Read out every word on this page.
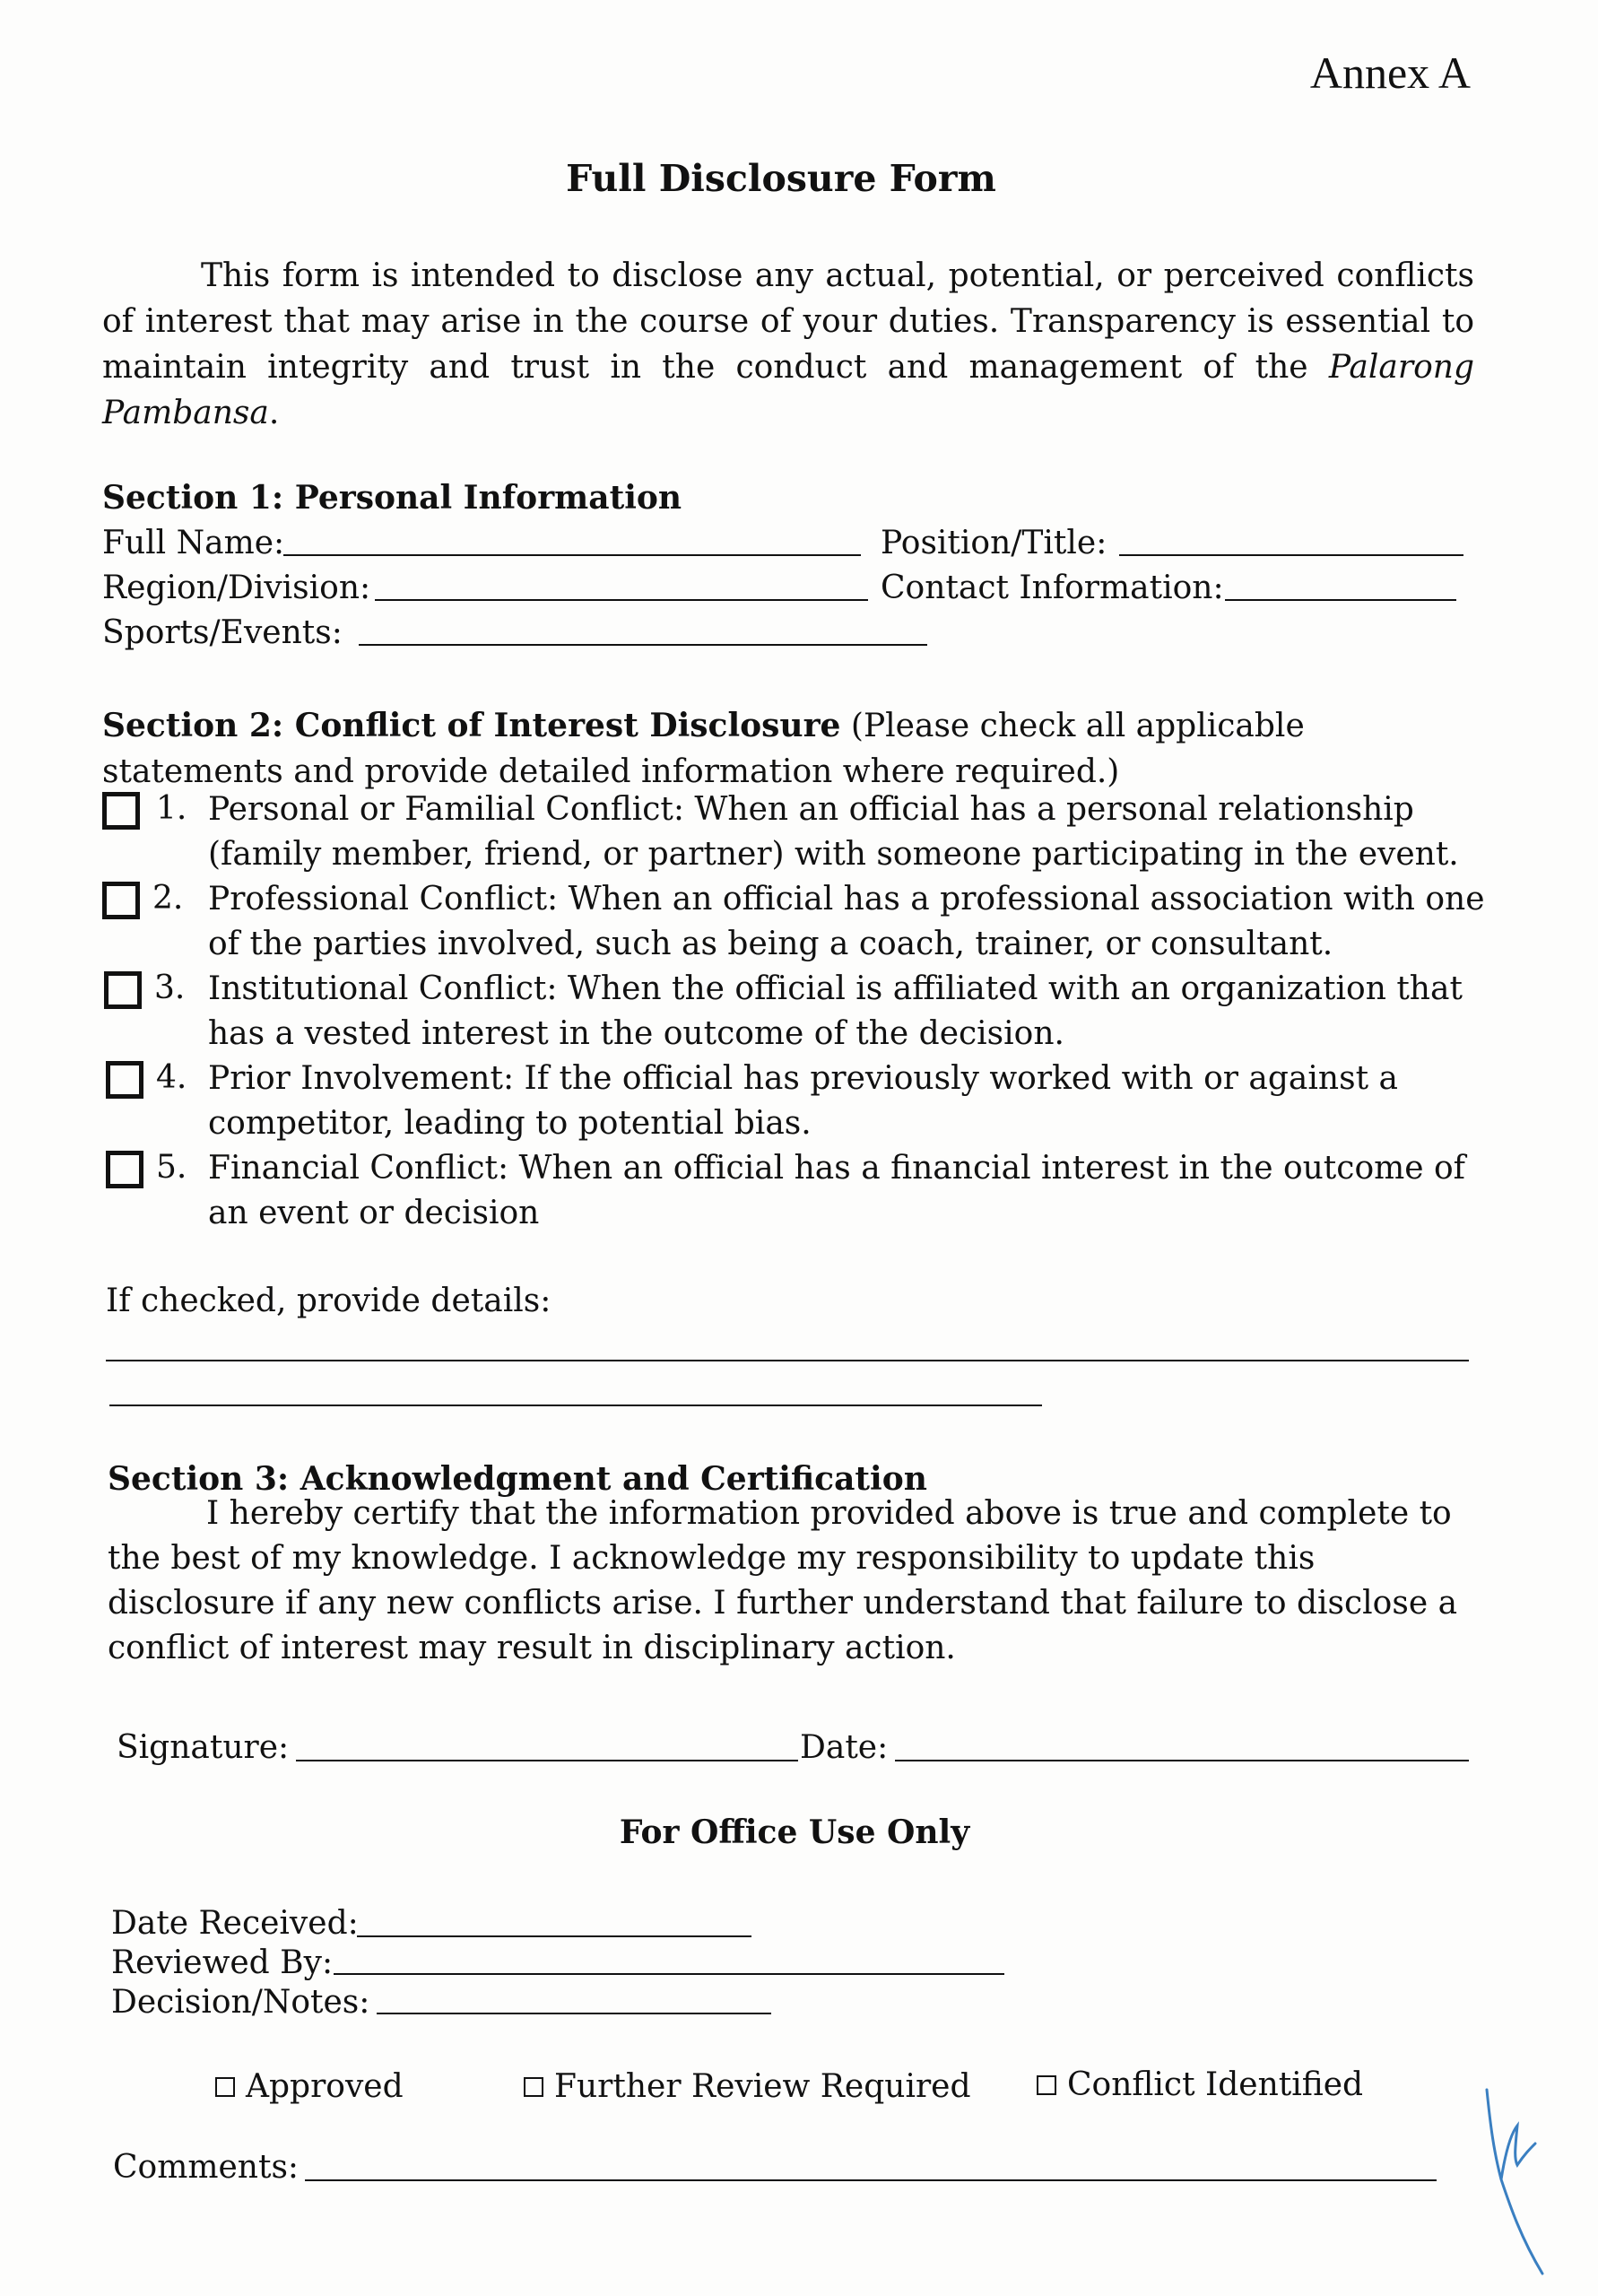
Annex A
Full Disclosure Form
This form is intended to disclose any actual, potential, or perceived conflicts of interest that may arise in the course of your duties. Transparency is essential to maintain integrity and trust in the conduct and management of the Palarong Pambansa.
Section 1: Personal Information
Full Name:	Position/Title:
Region/Division:	Contact Information:
Sports/Events:
Section 2: Conflict of Interest Disclosure (Please check all applicable statements and provide detailed information where required.)
1. Personal or Familial Conflict: When an official has a personal relationship (family member, friend, or partner) with someone participating in the event.
2. Professional Conflict: When an official has a professional association with one of the parties involved, such as being a coach, trainer, or consultant.
3. Institutional Conflict: When the official is affiliated with an organization that has a vested interest in the outcome of the decision.
4. Prior Involvement: If the official has previously worked with or against a competitor, leading to potential bias.
5. Financial Conflict: When an official has a financial interest in the outcome of an event or decision
If checked, provide details:
Section 3: Acknowledgment and Certification
I hereby certify that the information provided above is true and complete to the best of my knowledge. I acknowledge my responsibility to update this disclosure if any new conflicts arise. I further understand that failure to disclose a conflict of interest may result in disciplinary action.
Signature:	Date:
For Office Use Only
Date Received:
Reviewed By:
Decision/Notes:
Approved	Further Review Required	Conflict Identified
Comments:
